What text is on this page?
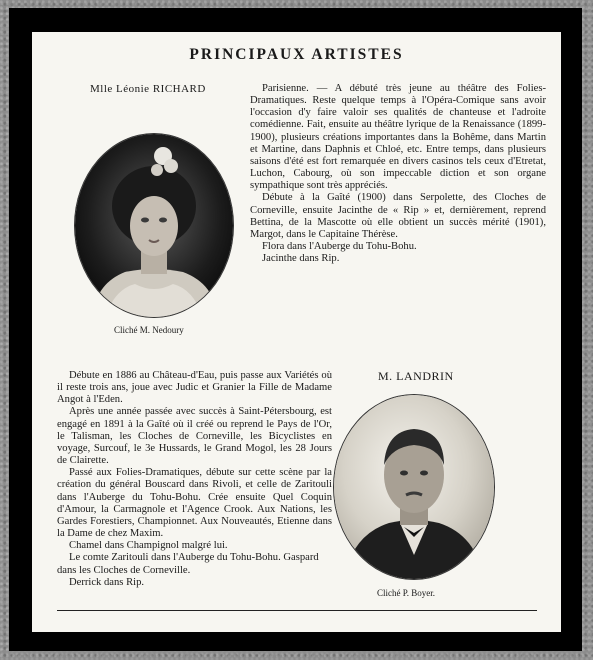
PRINCIPAUX ARTISTES
Mlle Léonie RICHARD
Cliché M. Nedoury

Parisienne. — A débuté très jeune au théâtre des Folies-Dramatiques. Reste quelque temps à l'Opéra-Comique sans avoir l'occasion d'y faire valoir ses qualités de chanteuse et l'adroite comédienne. Fait, ensuite au théâtre lyrique de la Renaissance (1899-1900), plusieurs créations importantes dans la Bohême, dans Martin et Martine, dans Daphnis et Chloé, etc. Entre temps, dans plusieurs saisons d'été est fort remarquée en divers casinos tels ceux d'Etretat, Luchon, Cabourg, où son impeccable diction et son organe sympathique sont très appréciés.

Débute à la Gaîté (1900) dans Serpolette, des Cloches de Corneville, ensuite Jacinthe de « Rip » et, dernièrement, reprend Bettina, de la Mascotte où elle obtient un succès mérité (1901), Margot, dans le Capitaine Thérèse.

Flora dans l'Auberge du Tohu-Bohu.

Jacinthe dans Rip.

Débute en 1886 au Château-d'Eau, puis passe aux Variétés où il reste trois ans, joue avec Judic et Granier la Fille de Madame Angot à l'Eden.

Après une année passée avec succès à Saint-Pétersbourg, est engagé en 1891 à la Gaîté où il créé ou reprend le Pays de l'Or, le Talisman, les Cloches de Corneville, les Bicyclistes en voyage, Surcouf, le 3e Hussards, le Grand Mogol, les 28 Jours de Clairette.

Passé aux Folies-Dramatiques, débute sur cette scène par la création du général Bouscard dans Rivoli, et celle de Zaritouli dans l'Auberge du Tohu-Bohu. Crée ensuite Quel Coquin d'Amour, la Carmagnole et l'Agence Crook. Aux Nations, les Gardes Forestiers, Championnet. Aux Nouveautés, Etienne dans la Dame de chez Maxim.

Chamel dans Champignol malgré lui.

Le comte Zaritouli dans l'Auberge du Tohu-Bohu. Gaspard dans les Cloches de Corneville.

Derrick dans Rip.

M. LANDRIN
Cliché P. Boyer.
